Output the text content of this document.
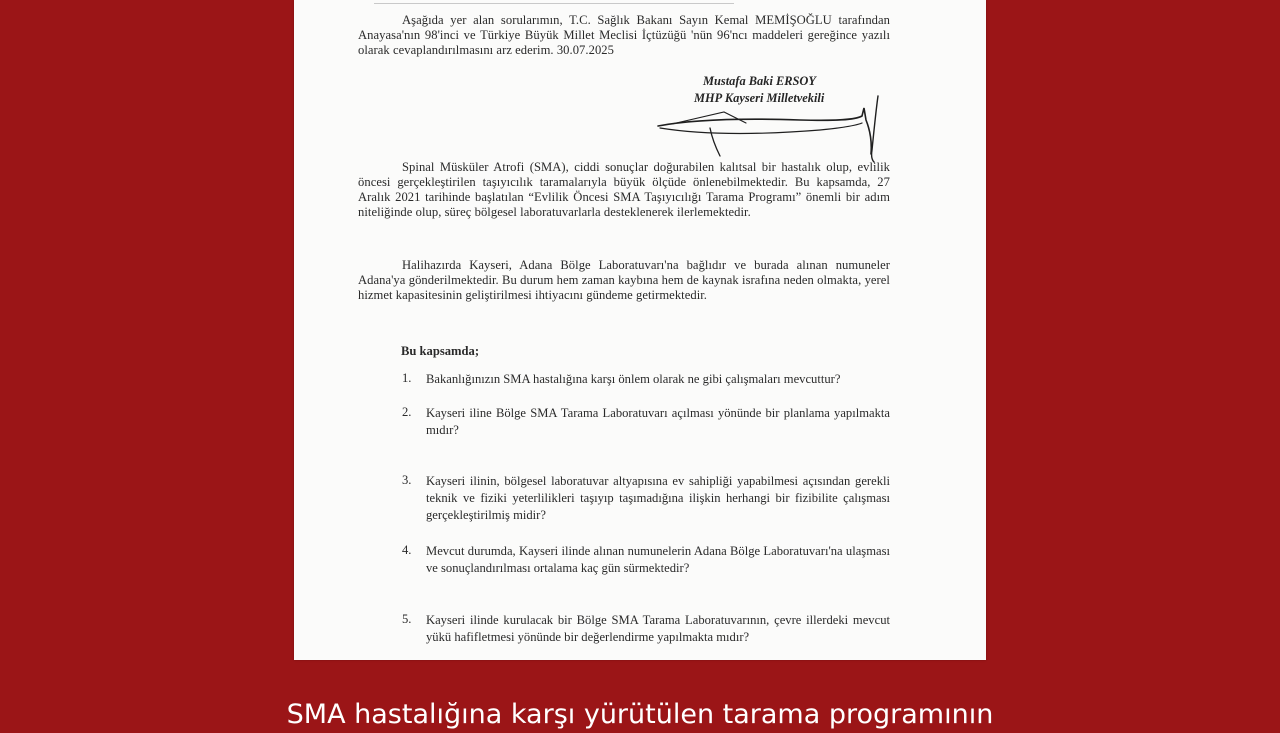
Aşağıda yer alan sorularımın, T.C. Sağlık Bakanı Sayın Kemal MEMİŞOĞLU tarafından Anayasa'nın 98'inci ve Türkiye Büyük Millet Meclisi İçtüzüğü 'nün 96'ncı maddeleri gereğince yazılı olarak cevaplandırılmasını arz ederim. 30.07.2025

Mustafa Baki ERSOY
MHP Kayseri Milletvekili

Spinal Müsküler Atrofi (SMA), ciddi sonuçlar doğurabilen kalıtsal bir hastalık olup, evlilik öncesi gerçekleştirilen taşıyıcılık taramalarıyla büyük ölçüde önlenebilmektedir. Bu kapsamda, 27 Aralık 2021 tarihinde başlatılan “Evlilik Öncesi SMA Taşıyıcılığı Tarama Programı” önemli bir adım niteliğinde olup, süreç bölgesel laboratuvarlarla desteklenerek ilerlemektedir.

Halihazırda Kayseri, Adana Bölge Laboratuvarı'na bağlıdır ve burada alınan numuneler Adana'ya gönderilmektedir. Bu durum hem zaman kaybına hem de kaynak israfına neden olmakta, yerel hizmet kapasitesinin geliştirilmesi ihtiyacını gündeme getirmektedir.

Bu kapsamda;
1. Bakanlığınızın SMA hastalığına karşı önlem olarak ne gibi çalışmaları mevcuttur?

2. Kayseri iline Bölge SMA Tarama Laboratuvarı açılması yönünde bir planlama yapılmakta mıdır?

3. Kayseri ilinin, bölgesel laboratuvar altyapısına ev sahipliği yapabilmesi açısından gerekli teknik ve fiziki yeterlilikleri taşıyıp taşımadığına ilişkin herhangi bir fizibilite çalışması gerçekleştirilmiş midir?

4. Mevcut durumda, Kayseri ilinde alınan numunelerin Adana Bölge Laboratuvarı'na ulaşması ve sonuçlandırılması ortalama kaç gün sürmektedir?

5. Kayseri ilinde kurulacak bir Bölge SMA Tarama Laboratuvarının, çevre illerdeki mevcut yükü hafifletmesi yönünde bir değerlendirme yapılmakta mıdır?

SMA hastalığına karşı yürütülen tarama programının
